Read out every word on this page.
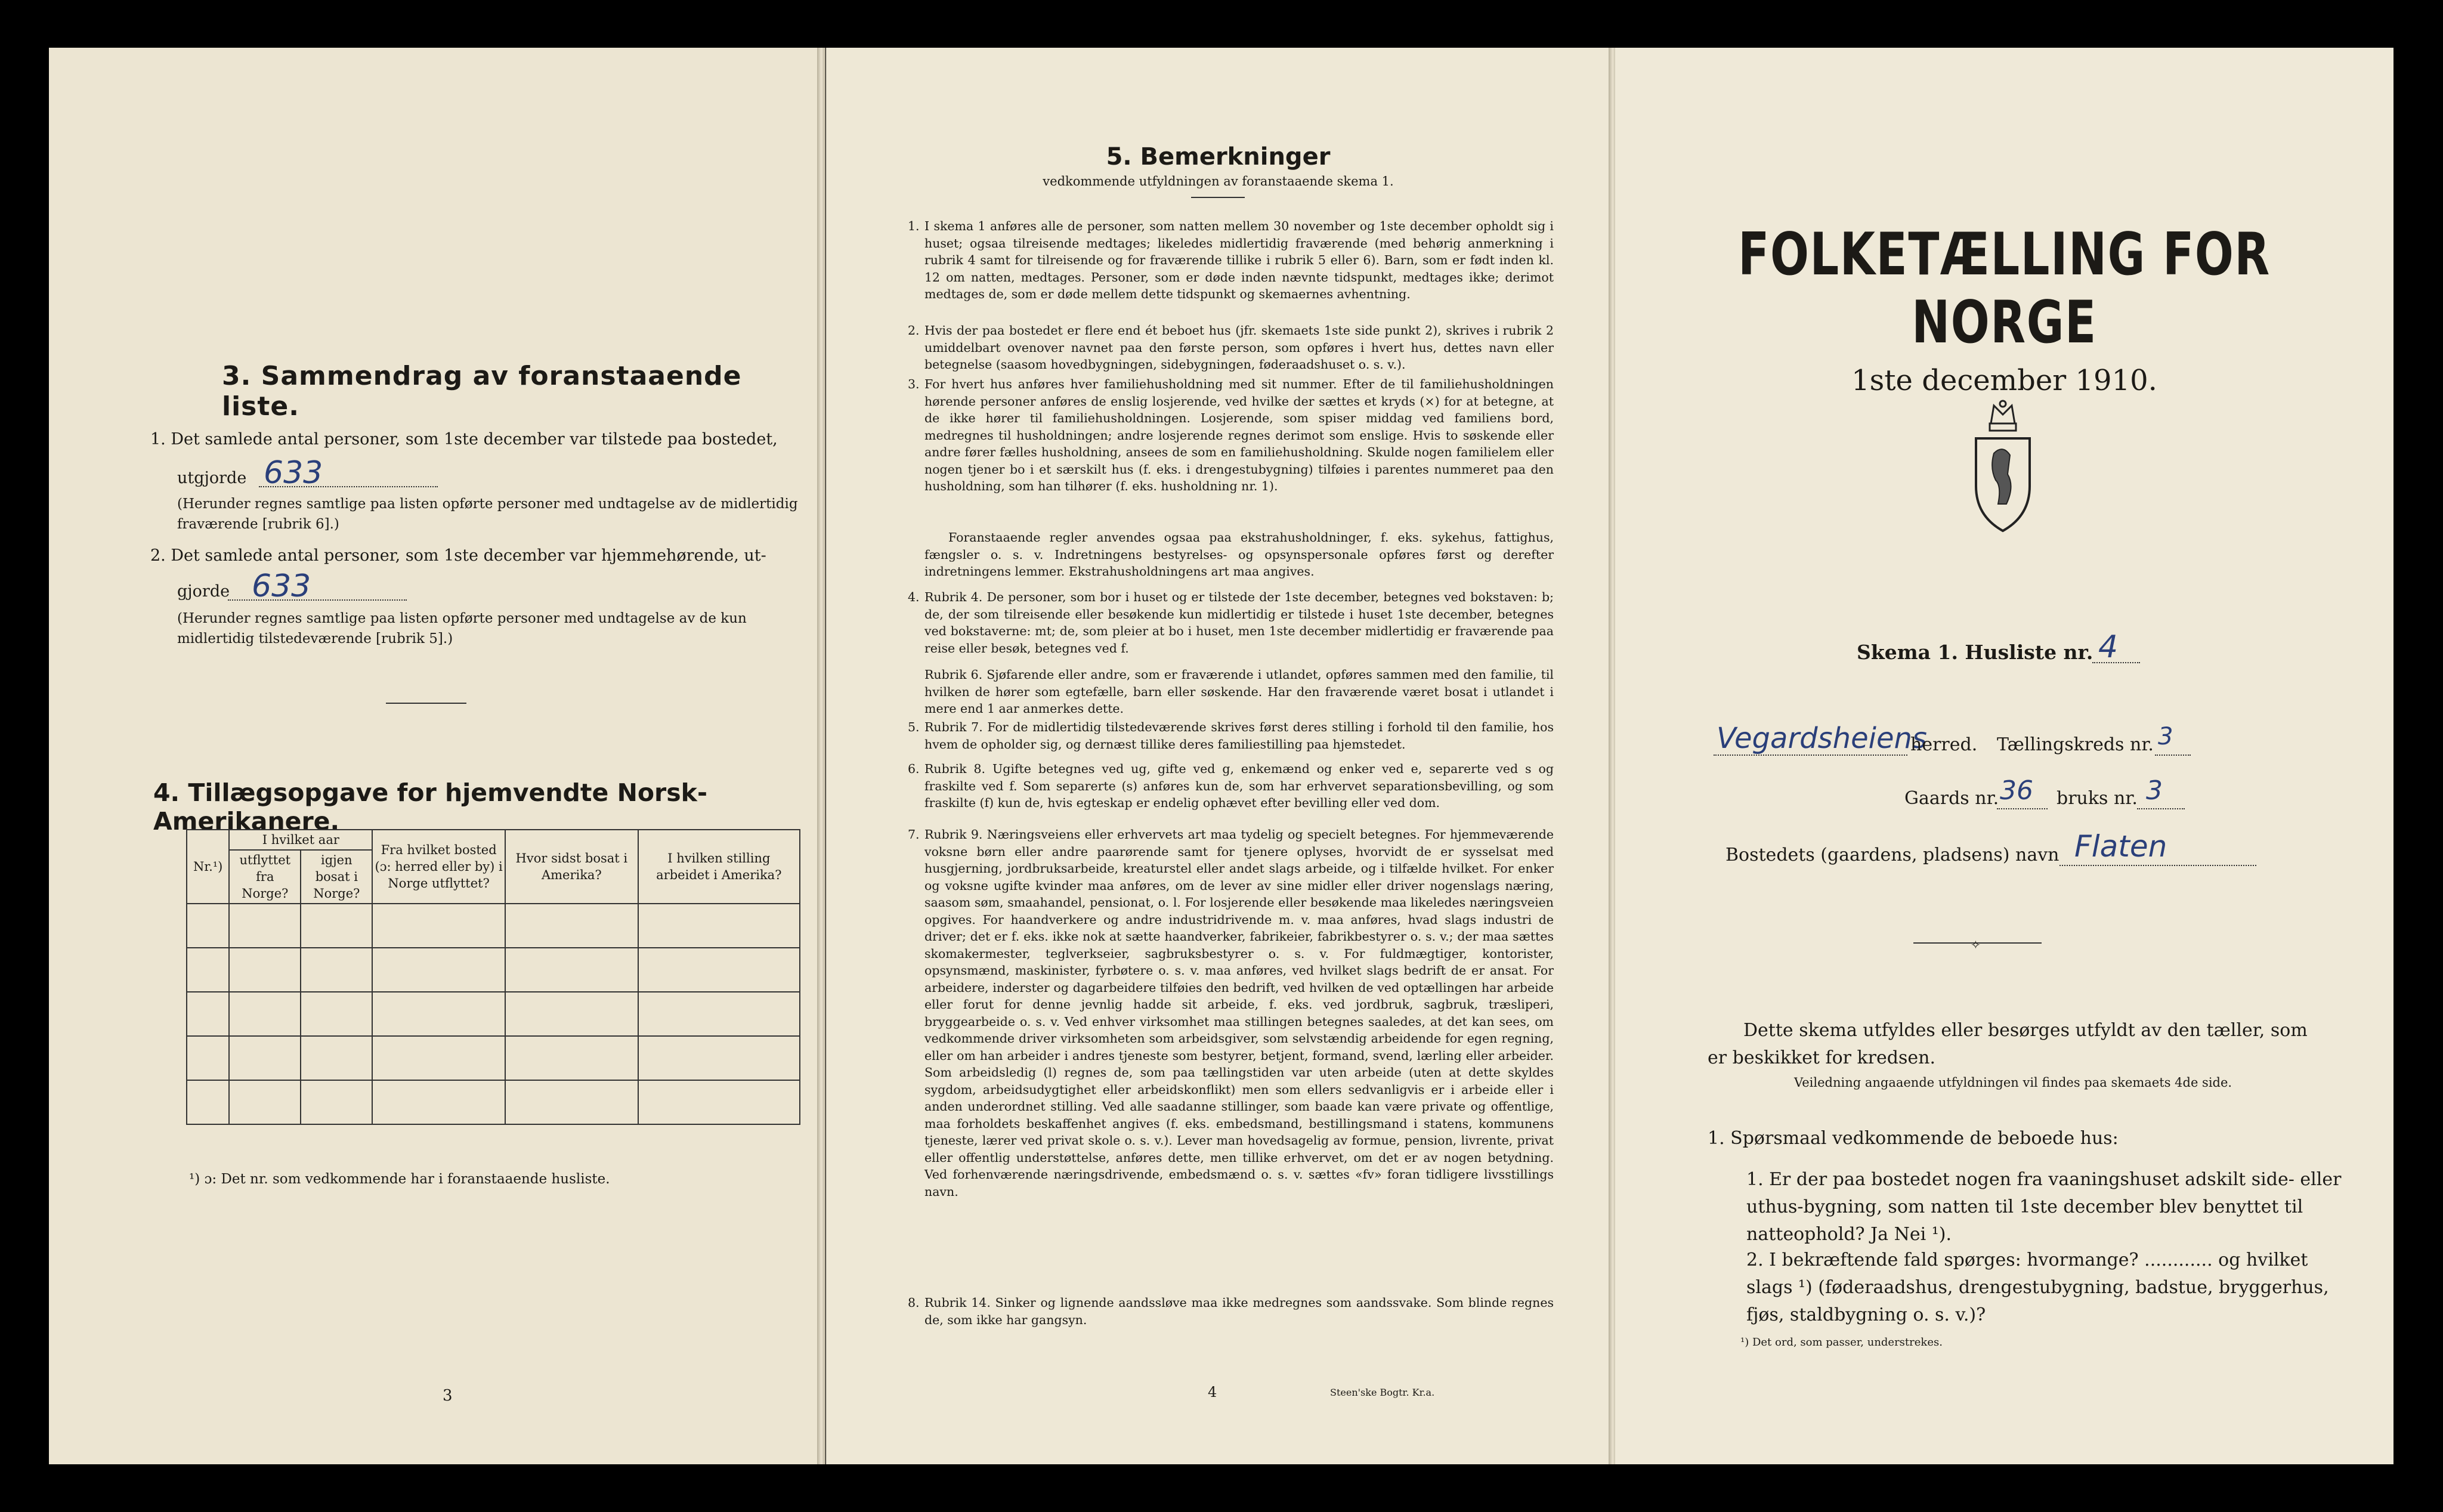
3. Sammendrag av foranstaaende liste.

1. Det samlede antal personer, som 1ste december var tilstede paa bostedet,

utgjorde 633

(Herunder regnes samtlige paa listen opførte personer med undtagelse av de midlertidig fraværende [rubrik 6].)

2. Det samlede antal personer, som 1ste december var hjemmehørende, ut-

gjorde 633

(Herunder regnes samtlige paa listen opførte personer med undtagelse av de kun midlertidig tilstedeværende [rubrik 5].)

4. Tillægsopgave for hjemvendte Norsk-Amerikanere.
Nr.¹)	I hvilket aar		Fra hvilket bosted (ɔ: herred eller by) i Norge utflyttet?	Hvor sidst bosat i Amerika?	I hvilken stilling arbeidet i Amerika?
	utflyttet fra Norge?	igjen bosat i Norge?			

¹) ɔ: Det nr. som vedkommende har i foranstaaende husliste.

3
5. Bemerkninger
vedkommende utfyldningen av foranstaaende skema 1.
1. I skema 1 anføres alle de personer, som natten mellem 30 november og 1ste december opholdt sig i huset; ogsaa tilreisende medtages; likeledes midlertidig fraværende (med behørig anmerkning i rubrik 4 samt for tilreisende og for fraværende tillike i rubrik 5 eller 6). Barn, som er født inden kl. 12 om natten, medtages. Personer, som er døde inden nævnte tidspunkt, medtages ikke; derimot medtages de, som er døde mellem dette tidspunkt og skemaernes avhentning.
2. Hvis der paa bostedet er flere end ét beboet hus (jfr. skemaets 1ste side punkt 2), skrives i rubrik 2 umiddelbart ovenover navnet paa den første person, som opføres i hvert hus, dettes navn eller betegnelse (saasom hovedbygningen, sidebygningen, føderaadshuset o. s. v.).
3. For hvert hus anføres hver familiehusholdning med sit nummer. Efter de til familiehusholdningen hørende personer anføres de enslig losjerende, ved hvilke der sættes et kryds (×) for at betegne, at de ikke hører til familiehusholdningen. Losjerende, som spiser middag ved familiens bord, medregnes til husholdningen; andre losjerende regnes derimot som enslige. Hvis to søskende eller andre fører fælles husholdning, ansees de som en familiehusholdning. Skulde nogen familielem eller nogen tjener bo i et særskilt hus (f. eks. i drengestubygning) tilføies i parentes nummeret paa den husholdning, som han tilhører (f. eks. husholdning nr. 1).
Foranstaaende regler anvendes ogsaa paa ekstrahusholdninger, f. eks. sykehus, fattighus, fængsler o. s. v. Indretningens bestyrelses- og opsynspersonale opføres først og derefter indretningens lemmer. Ekstrahusholdningens art maa angives.
4. Rubrik 4. De personer, som bor i huset og er tilstede der 1ste december, betegnes ved bokstaven: b; de, der som tilreisende eller besøkende kun midlertidig er tilstede i huset 1ste december, betegnes ved bokstaverne: mt; de, som pleier at bo i huset, men 1ste december midlertidig er fraværende paa reise eller besøk, betegnes ved f.
Rubrik 6. Sjøfarende eller andre, som er fraværende i utlandet, opføres sammen med den familie, til hvilken de hører som egtefælle, barn eller søskende. Har den fraværende været bosat i utlandet i mere end 1 aar anmerkes dette.
5. Rubrik 7. For de midlertidig tilstedeværende skrives først deres stilling i forhold til den familie, hos hvem de opholder sig, og dernæst tillike deres familiestilling paa hjemstedet.
6. Rubrik 8. Ugifte betegnes ved ug, gifte ved g, enkemænd og enker ved e, separerte ved s og fraskilte ved f. Som separerte (s) anføres kun de, som har erhvervet separationsbevilling, og som fraskilte (f) kun de, hvis egteskap er endelig ophævet efter bevilling eller ved dom.
7. Rubrik 9. Næringsveiens eller erhvervets art maa tydelig og specielt betegnes. For hjemmeværende voksne børn eller andre paarørende samt for tjenere oplyses, hvorvidt de er sysselsat med husgjerning, jordbruksarbeide, kreaturstel eller andet slags arbeide, og i tilfælde hvilket. For enker og voksne ugifte kvinder maa anføres, om de lever av sine midler eller driver nogenslags næring, saasom søm, smaahandel, pensionat, o. l. For losjerende eller besøkende maa likeledes næringsveien opgives. For haandverkere og andre industridrivende m. v. maa anføres, hvad slags industri de driver; det er f. eks. ikke nok at sætte haandverker, fabrikeier, fabrikbestyrer o. s. v.; der maa sættes skomakermester, teglverkseier, sagbruksbestyrer o. s. v. For fuldmægtiger, kontorister, opsynsmænd, maskinister, fyrbøtere o. s. v. maa anføres, ved hvilket slags bedrift de er ansat. For arbeidere, inderster og dagarbeidere tilføies den bedrift, ved hvilken de ved optællingen har arbeide eller forut for denne jevnlig hadde sit arbeide, f. eks. ved jordbruk, sagbruk, træsliperi, bryggearbeide o. s. v. Ved enhver virksomhet maa stillingen betegnes saaledes, at det kan sees, om vedkommende driver virksomheten som arbeidsgiver, som selvstændig arbeidende for egen regning, eller om han arbeider i andres tjeneste som bestyrer, betjent, formand, svend, lærling eller arbeider. Som arbeidsledig (l) regnes de, som paa tællingstiden var uten arbeide (uten at dette skyldes sygdom, arbeidsudygtighet eller arbeidskonflikt) men som ellers sedvanligvis er i arbeide eller i anden underordnet stilling. Ved alle saadanne stillinger, som baade kan være private og offentlige, maa forholdets beskaffenhet angives (f. eks. embedsmand, bestillingsmand i statens, kommunens tjeneste, lærer ved privat skole o. s. v.). Lever man hovedsagelig av formue, pension, livrente, privat eller offentlig understøttelse, anføres dette, men tillike erhvervet, om det er av nogen betydning. Ved forhenværende næringsdrivende, embedsmænd o. s. v. sættes «fv» foran tidligere livsstillings navn.
8. Rubrik 14. Sinker og lignende aandssløve maa ikke medregnes som aandssvake. Som blinde regnes de, som ikke har gangsyn.
4	Steen'ske Bogtr. Kr.a.
FOLKETÆLLING FOR NORGE
1ste december 1910.
Skema 1. Husliste nr. 4
Vegardsheiens
herred. Tællingskreds nr. 3
Gaards nr. 36 bruks nr. 3
Bostedets (gaardens, pladsens) navn Flaten
✧

Dette skema utfyldes eller besørges utfyldt av den tæller, som er beskikket for kredsen.

Veiledning angaaende utfyldningen vil findes paa skemaets 4de side.

1. Spørsmaal vedkommende de beboede hus:

1. Er der paa bostedet nogen fra vaaningshuset adskilt side- eller uthus-bygning, som natten til 1ste december blev benyttet til natteophold? Ja Nei ¹).

2. I bekræftende fald spørges: hvormange? ............ og hvilket slags ¹) (føderaadshus, drengestubygning, badstue, bryggerhus, fjøs, staldbygning o. s. v.)?

¹) Det ord, som passer, understrekes.
